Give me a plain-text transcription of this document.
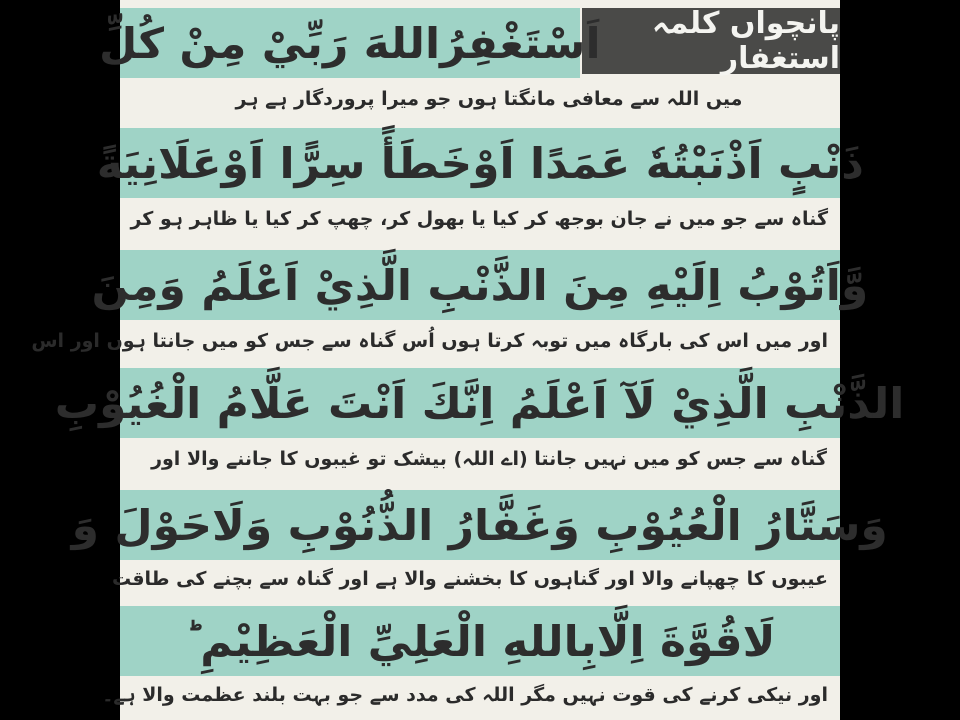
پانچواں کلمہ استغفار
اَسْتَغْفِرُاللهَ رَبِّيْ مِنْ كُلِّ
میں اللہ سے معافی مانگتا ہوں جو میرا پروردگار ہے ہر
ذَنْبٍ اَذْنَبْتُهٗ عَمَدًا اَوْخَطَأً سِرًّا اَوْعَلَانِيَةً
گناہ سے جو میں نے جان بوجھ کر کیا یا بھول کر، چھپ کر کیا یا ظاہر ہو کر
وَّاَتُوْبُ اِلَيْهِ مِنَ الذَّنْبِ الَّذِيْ اَعْلَمُ وَمِنَ
اور میں اس کی بارگاہ میں توبہ کرتا ہوں اُس گناہ سے جس کو میں جانتا ہوں اور اس
الذَّنْبِ الَّذِيْ لَآ اَعْلَمُ اِنَّكَ اَنْتَ عَلَّامُ الْغُيُوْبِ
گناہ سے جس کو میں نہیں جانتا (اے اللہ) بیشک تو غیبوں کا جاننے والا اور
وَسَتَّارُ الْعُيُوْبِ وَغَفَّارُ الذُّنُوْبِ وَلَاحَوْلَ وَ
عیبوں کا چھپانے والا اور گناہوں کا بخشنے والا ہے اور گناہ سے بچنے کی طاقت
لَاقُوَّةَ اِلَّابِاللهِ الْعَلِيِّ الْعَظِيْمِ ؕ
اور نیکی کرنے کی قوت نہیں مگر اللہ کی مدد سے جو بہت بلند عظمت والا ہے۔
